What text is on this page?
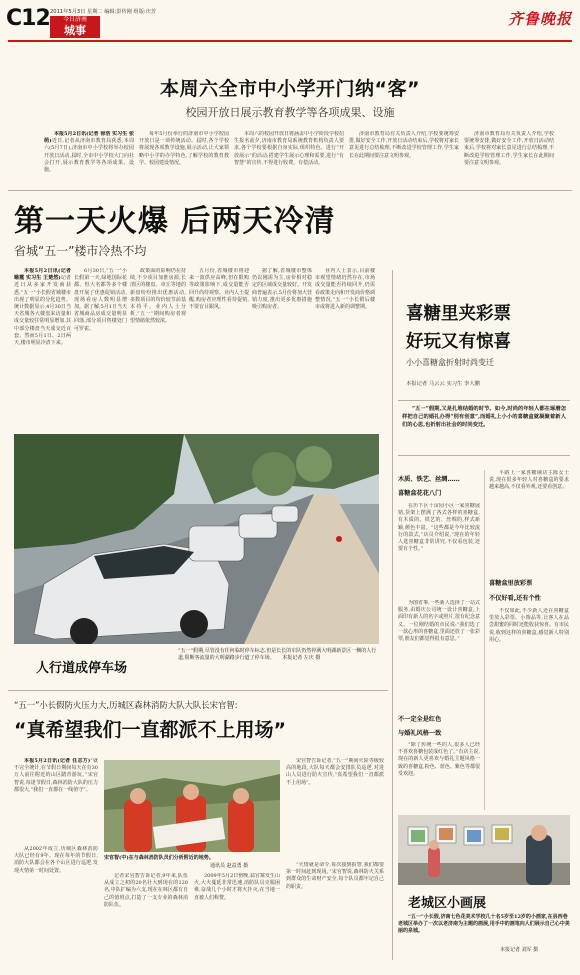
C12 2011年5月3日 星期二 编辑:彭传刚 组版:庆芳
今日济南
城事
齐鲁晚报
本周六全市中小学开门纳“客”
校园开放日展示教育教学等各项成果、设施

本报5月2日讯(记者 徐浩 实习生 张萌)近日,记者从济南市教育局获悉,本周六(5月7日),济南市中小学校将举办校园开放日活动,届时,全市中小学校大门向社会打开,展示教育教学等各项成果、设施。

每年5月份举行的济南市中小学校园开放日是一项传统活动。届时,各个学校将展现各项教学设施,展示活动,让大家领略中小学的办学特色,了解学校的教育教学、校园建设情况。

本周六的校园开放日将涵盖中小学阶段学校招生报名前夕,济南市教育局系统教育机构负责人要求,各个学校要根据自身实际,组织特色、进行“开放展示”的活动;搭建学生展示心理和需要,进行“有智慧”的宣传,不得进行收费、有偿活动。

济南市教育局有关负责人介绍,学校要统筹安排,做好安全工作,开放日活动结束后,学校将对家长意见进行总结梳理,不断改进学校管理工作,学生家长在此期间要注意文明参观。

济南市教育局有关负责人介绍,学校要统筹安排,做好安全工作,开放日活动结束后,学校将对家长意见进行总结梳理,不断改进学校管理工作,学生家长在此期间要注意文明参观。

第一天火爆 后两天冷清
省城“五一”楼市冷热不均

本报5月2日讯(记者 喻霞 实习生 王楚然)记者近日从多家开发商获悉,“五一”小长假省城楼市出现了明显的分化趋势。统计数据显示,4月30日当天省城各大楼盘来访量和成交量较往常明显增加,其中部分楼盘当天成交近百套。然而5月1日、2日两天,楼市明显冷清下来。

6月30日,“五一”小长假第一天,绿地国际花都、恒大名都等多个楼盘开展了优惠促销活动,现场看房人数明显增加。据了解,5月1日当天省城商品房成交量明显回落,部分项目售楼处门可罗雀。

政策面的影响仍在持续,不少项目加推房源,长清区的楼盘、章丘等地的新盘纷纷推出优惠活动,多数项目的均价较节前基本持平。业内人士分析,“五一”期间购房者观望情绪依然较浓。

五月份,省城楼市将迎来一波供应高峰,但在限购等政策影响下,成交量能否回升尚待观察。业内人士提醒,购房者应理性看待促销,不要盲目跟风。

据了解,省城楼市整体仍以刚需为主,房价相对稳定的区域成交量较好。开发商普遍表示,5月份将加大营销力度,推出更多优惠措施吸引购房者。

业内人士表示,目前楼市观望情绪仍然存在,市场成交量能否持续回升,仍需看政策走向和开发商价格调整情况,“五一”小长假后楼市或将进入新的调整期。 喜糖里夹彩票
好玩又有惊喜
小小喜糖盒折射时尚变迁
本报记者 马云云 实习生 李大鹏
“五一”假期,又是扎堆结婚的时节。如今,时尚的年轻人都在琢磨怎样把自己的婚礼办得“别有创意”,而婚礼上小小的喜糖盒就凝聚着新人们的心思,也折射出社会的时尚变迁。
木质、铁艺、丝绸……
喜糖盒花花八门

在历下区十亩园小区一家喜糖展销,货架上摆满了各式各样的喜糖盒,有木质的、铁艺的、丝绸的,样式新颖,颜色丰富。“这些都是今年比较流行的款式,”店员介绍说,“现在的年轻人选喜糖盒非常讲究,不仅看包装,还要有个性。”

为图省事,一些新人选择了一站式服务,由婚庆公司统一设计喜糖盒,上面印有新人的名字或照片,很有纪念意义。一位刚结婚的市民说:“我们选了一款心形的喜糖盒,里面还放了一张彩票,朋友们都觉得很有意思。”

不一定全是红色
与婚礼风格一致

“除了传统一些的人,很多人已经不喜欢喜糖包装成红色了。”有店主说,现在的新人更喜欢与婚礼主题风格一致的喜糖盒,粉色、蓝色、紫色等都很受欢迎。

平路上一家喜糖铺店主陈女士说,现在很多年轻人对喜糖盒的要求越来越高,不仅看外观,还要看创意。

喜糖盒里放彩票
不仅好看,还有个性

不仅如此,不少新人还在喜糖盒里放入彩票、小饰品等,让客人在品尝甜蜜的同时还能收获惊喜。有市民说,收到这样的喜糖盒,感觉新人特别用心。

人行道成停车场
“五一”假期,尽管没有任何临时停车标志,但是长长的车队仍然停满大明湖新景区一侧的人行道,阻断客流量的大明湖路步行道了停车场。 本报记者 左庆 摄
“五一”小长假防火压力大,历城区森林消防大队大队长宋官智:
“真希望我们一直都派不上用场”

本报5月2日讯(记者 任志方)“就不完全统计,在节假日期间每天在有30万人前往附近的山区踏青游玩。”宋官智说,每逢节假日,森林消防大队的压力都很大,“我们一直都在一线值守”。

从2002年成立,历城区森林消防大队已经有9年。现在每年的节假日,消防大队都会在各个山区进行巡逻,发现火情第一时间处置。

宋官智(中)在与森林消防队员们分析附近的地势。
通讯员 赵益勇 摄

记者宋官智告诉记者,9年来,队伍从成立之初的20名壮大到现在的120名,中队扩编为六支,现在在林区都有自己的值班点,打造了一支专业的森林消防队伍。

2009年5月2日傍晚,翁官寨发生山火,大火蔓延非常迅速,消防队员克服困难,奋战几个小时才将火扑灭,在当地一直被人们称赞。

宋官智告诉记者,“五一”期间火险等级较高的地段,大队每天都会安排队员巡逻,对进山人员进行防火宣传,“真希望我们一直都派不上用场”。

“火情就是命令,每次接到报警,我们都要第一时间赶到现场。”宋官智说,森林防火关系到群众的生命财产安全,每个队员都牢记自己的职责。

老城区小画展
“五一”小长假,济南七色花美术学校几十名5岁至12岁的小画家,在县西巷老城区举办了一次以老济南为主题的画展,用手中的画笔向人们展示自己心中美丽的泉城。
本报记者 刘军 摄
